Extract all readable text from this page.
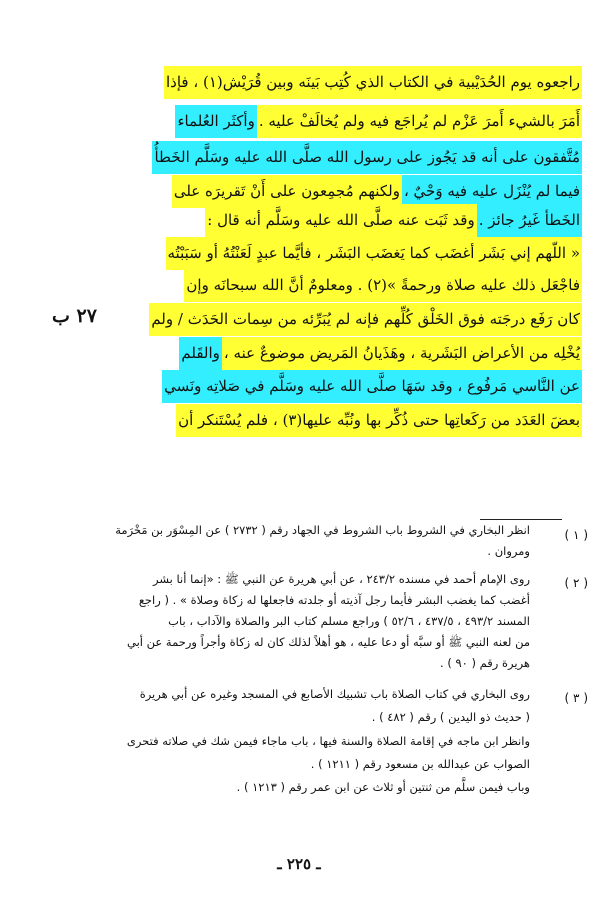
راجعوه يوم الحُدَيْبية في الكتاب الذي كُتِب بَينَه وبين قُرَيْش(١) ، فإذا
أَمَرَ بالشيء أَمرَ عَزْم لم يُراجَع فيه ولم يُخالَفْ عليه .وأكثَر العُلماء
مُتَّفقون على أنه قد يَجُوز على رسول الله صلَّى الله عليه وسَلَّم الخَطأُ
فيما لم يُنْزَل عليه فيه وَحْيٌ ،ولكنهم مُجمِعون على أَنْ تَقريرَه على
الخَطأ غَيرُ جائز .وقد ثَبَت عنه صلَّى الله عليه وسَلَّم أنه قال :
« اللّهم إني بَشَر أغضَب كما يَغضَب البَشَر ، فأيَّما عبدٍ لَعَنْتُهُ أو سَبَبْتُه
فاجْعَل ذلك عليه صلاة ورحمةً »(٢) . ومعلومٌ أنَّ الله سبحانَه وإن
كان رَفَع درجَته فوق الخَلْق كُلِّهم فإنه لم يُبَرِّئه من سِمات الحَدَث / ولم
يُخْلِه من الأعراض البَشَرية ، وهَذَيانُ المَريض موضوعٌ عنه ،والقَلم
عن النَّاسي مَرفُوع ، وقد سَهَا صلَّى الله عليه وسَلَّم في صَلاتِه ونَسي
بعضَ العَدَد من رَكَعاتِها حتى ذُكِّر بها ونُبِّه عليها(٣) ، فلم يُسْتَنكر أن
٢٧ ب
( ١ )
انظر البخاري في الشروط باب الشروط في الجهاد رقم ( ٢٧٣٢ ) عن المِسْوَر بن مَخْرَمة
ومروان .
( ٢ )
روى الإمام أحمد في مسنده ٢٤٣/٢ ، عن أبي هريرة عن النبي ﷺ : «إنما أنا بشر
أغضب كما يغضب البشر فأيما رجل آذيته أو جلدته فاجعلها له زكاة وصلاة » . ( راجع
المسند ٤٩٣/٢ ، ٤٣٧/٥ ، ٥٢/٦ ) وراجع مسلم كتاب البر والصلاة والآداب ، باب
من لعنه النبي ﷺ أو سبَّه أو دعا عليه ، هو أهلاً لذلك كان له زكاة وأجراً ورحمة عن أبي
هريرة رقم ( ٩٠ ) .
( ٣ )
روى البخاري في كتاب الصلاة باب تشبيك الأصابع في المسجد وغيره عن أبي هريرة
( حديث ذو اليدين ) رقم ( ٤٨٢ ) .
وانظر ابن ماجه في إقامة الصلاة والسنة فيها ، باب ماجاء فيمن شك في صلاته فتحرى
الصواب عن عبدالله بن مسعود رقم ( ١٢١١ ) .
وباب فيمن سلَّم من ثنتين أو ثلاث عن ابن عمر رقم ( ١٢١٣ ) .
ـ ٢٢٥ ـ
